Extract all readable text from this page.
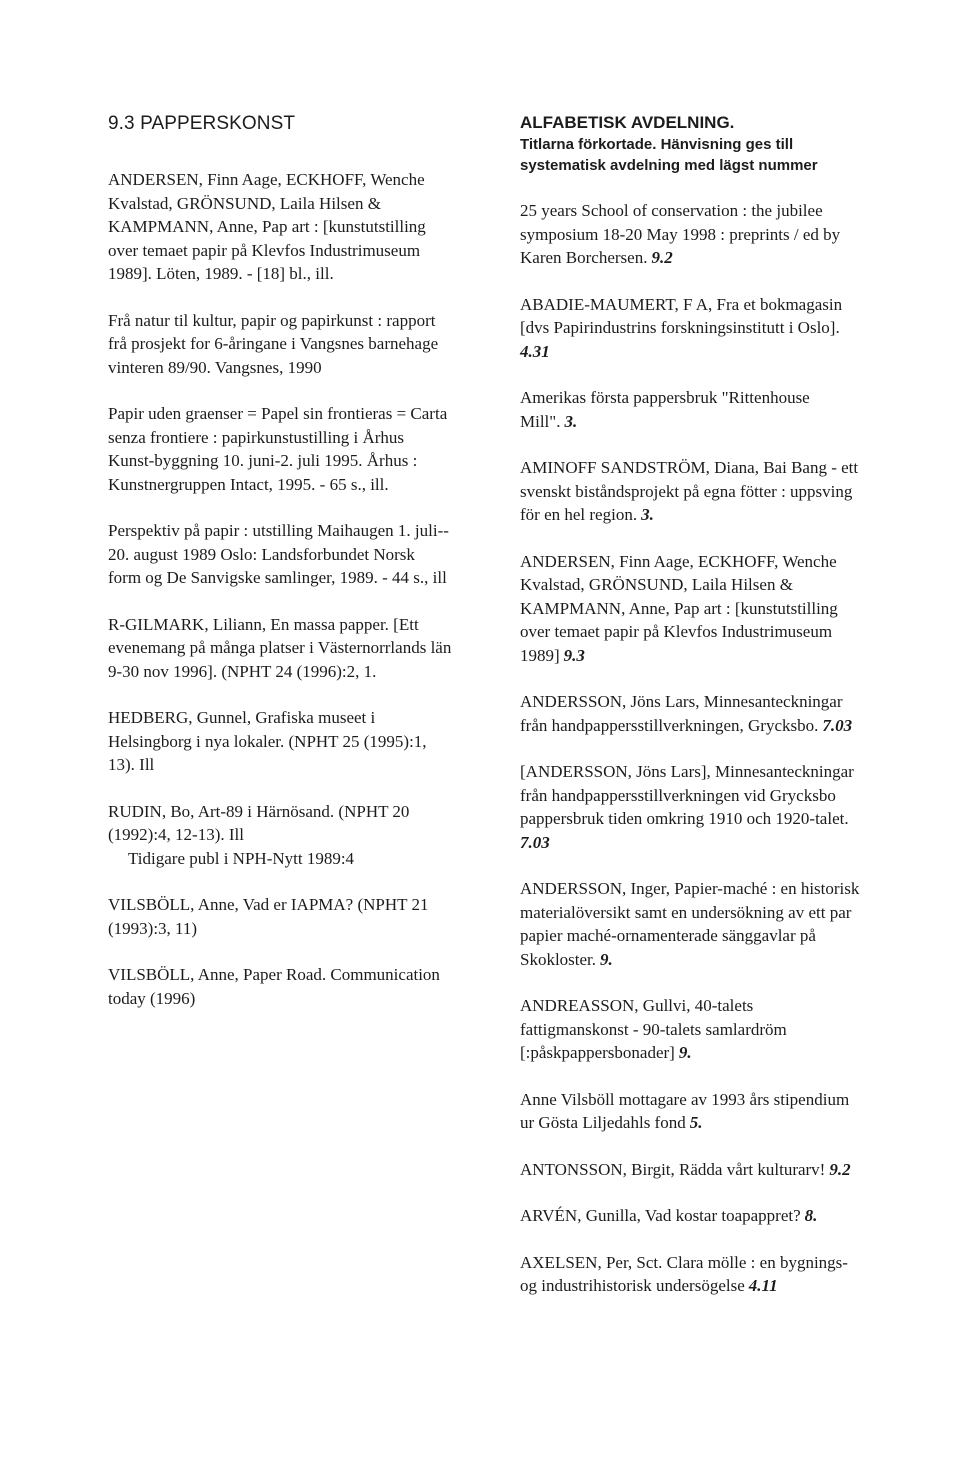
9.3 PAPPERSKONST
ANDERSEN, Finn Aage, ECKHOFF, Wenche
Kvalstad, GRÖNSUND, Laila Hilsen &
KAMPMANN, Anne, Pap art : [kunstutstilling
over temaet papir på Klevfos Industrimuseum
1989]. Löten, 1989. - [18] bl., ill.
Frå natur til kultur, papir og papirkunst : rapport
frå prosjekt for 6-åringane i Vangsnes barnehage
vinteren 89/90. Vangsnes, 1990
Papir uden graenser = Papel sin frontieras = Carta
senza frontiere : papirkunstustilling i Århus
Kunst-byggning 10. juni-2. juli 1995. Århus :
Kunstnergruppen Intact, 1995. - 65 s., ill.
Perspektiv på papir : utstilling Maihaugen 1. juli--
20. august 1989 Oslo: Landsforbundet Norsk
form og De Sanvigske samlinger, 1989. - 44 s., ill
R-GILMARK, Liliann, En massa papper. [Ett
evenemang på många platser i Västernorrlands län
9-30 nov 1996]. (NPHT 24 (1996):2, 1.
HEDBERG, Gunnel, Grafiska museet i
Helsingborg i nya lokaler. (NPHT 25 (1995):1,
13). Ill
RUDIN, Bo, Art-89 i Härnösand. (NPHT 20
(1992):4, 12-13). Ill
Tidigare publ i NPH-Nytt 1989:4
VILSBÖLL, Anne, Vad er IAPMA? (NPHT 21
(1993):3, 11)
VILSBÖLL, Anne, Paper Road. Communication
today (1996)
ALFABETISK AVDELNING.
Titlarna förkortade. Hänvisning ges till
systematisk avdelning med lägst nummer
25 years School of conservation : the jubilee
symposium 18-20 May 1998 : preprints / ed by
Karen Borchersen. 9.2
ABADIE-MAUMERT, F A, Fra et bokmagasin
[dvs Papirindustrins forskningsinstitutt i Oslo].
4.31
Amerikas första pappersbruk "Rittenhouse
Mill". 3.
AMINOFF SANDSTRÖM, Diana, Bai Bang - ett
svenskt biståndsprojekt på egna fötter : uppsving
för en hel region. 3.
ANDERSEN, Finn Aage, ECKHOFF, Wenche
Kvalstad, GRÖNSUND, Laila Hilsen &
KAMPMANN, Anne, Pap art : [kunstutstilling
over temaet papir på Klevfos Industrimuseum
1989] 9.3
ANDERSSON, Jöns Lars, Minnesanteckningar
från handpappersstillverkningen, Grycksbo. 7.03
[ANDERSSON, Jöns Lars], Minnesanteckningar
från handpappersstillverkningen vid Grycksbo
pappersbruk tiden omkring 1910 och 1920-talet.
7.03
ANDERSSON, Inger, Papier-maché : en historisk
materialöversikt samt en undersökning av ett par
papier maché-ornamenterade sänggavlar på
Skokloster. 9.
ANDREASSON, Gullvi, 40-talets
fattigmanskonst - 90-talets samlardröm
[:påskpappersbonader] 9.
Anne Vilsböll mottagare av 1993 års stipendium
ur Gösta Liljedahls fond 5.
ANTONSSON, Birgit, Rädda vårt kulturarv! 9.2
ARVÉN, Gunilla, Vad kostar toapappret? 8.
AXELSEN, Per, Sct. Clara mölle : en bygnings-
og industrihistorisk undersögelse 4.11
